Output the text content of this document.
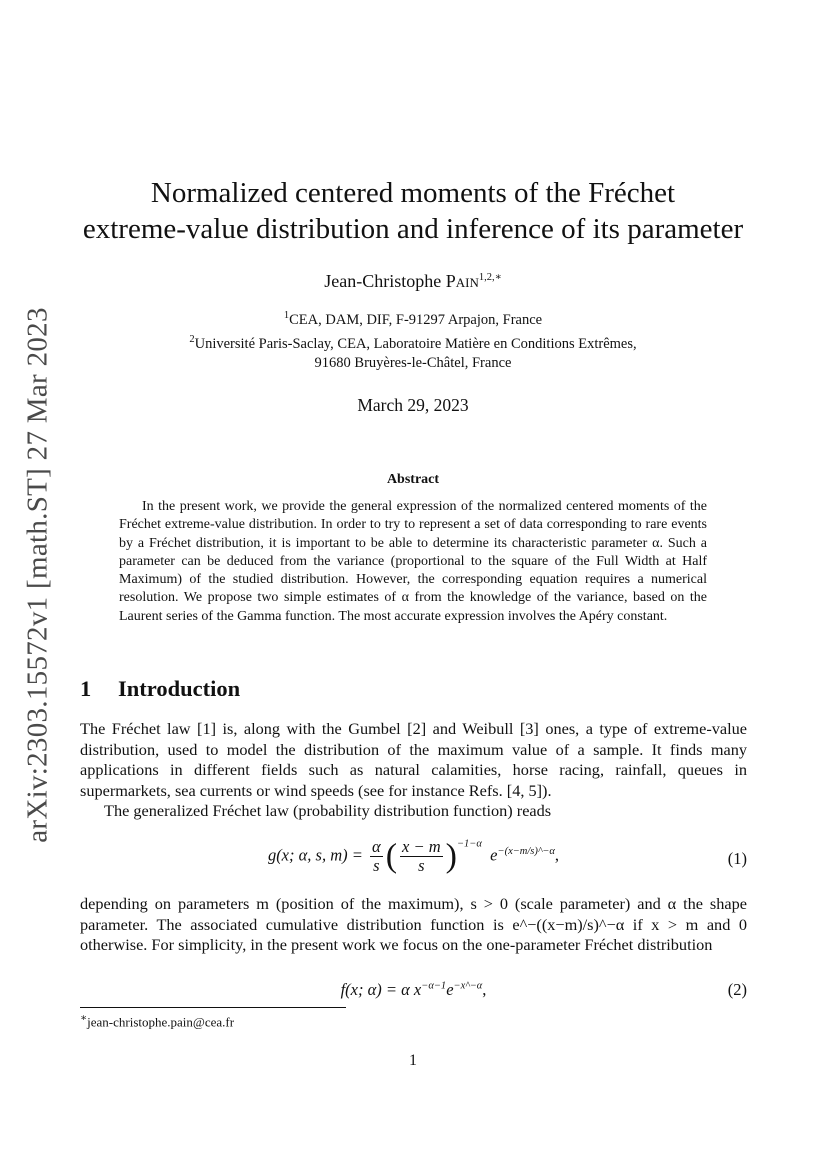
arXiv:2303.15572v1 [math.ST] 27 Mar 2023
Normalized centered moments of the Fréchet
extreme-value distribution and inference of its parameter
Jean-Christophe Pain$^{1,2,∗}$
$^1$CEA, DAM, DIF, F-91297 Arpajon, France
$^2$Université Paris-Saclay, CEA, Laboratoire Matière en Conditions Extrêmes,
91680 Bruyères-le-Châtel, France
March 29, 2023
Abstract
In the present work, we provide the general expression of the normalized centered moments of the Fréchet extreme-value distribution. In order to try to represent a set of data corresponding to rare events by a Fréchet distribution, it is important to be able to determine its characteristic parameter α. Such a parameter can be deduced from the variance (proportional to the square of the Full Width at Half Maximum) of the studied distribution. However, the corresponding equation requires a numerical resolution. We propose two simple estimates of α from the knowledge of the variance, based on the Laurent series of the Gamma function. The most accurate expression involves the Apéry constant.
1 Introduction
The Fréchet law [1] is, along with the Gumbel [2] and Weibull [3] ones, a type of extreme-value distribution, used to model the distribution of the maximum value of a sample. It finds many applications in different fields such as natural calamities, horse racing, rainfall, queues in supermarkets, sea currents or wind speeds (see for instance Refs. [4, 5]).
The generalized Fréchet law (probability distribution function) reads
g(x; α, s, $m) = \frac{\alpha}{s}$ ( $\frac{x - m}{s} )^{-1-\alpha}$  $e^{-(x-m/s)\^{}-\alpha}$,	(1)
depending on parameters m (position of the maximum), s > 0 (scale parameter) and α the shape parameter. The associated cumulative distribution function is e^−((x−m)/s)^−α if x > m and 0 otherwise. For simplicity, in the present work we focus on the one-parameter Fréchet distribution
f(x; α) = α $x^{-\alpha-1}e^{-x\^{}-\alpha}$,	(2)
∗jean-christophe.pain@cea.fr
1
